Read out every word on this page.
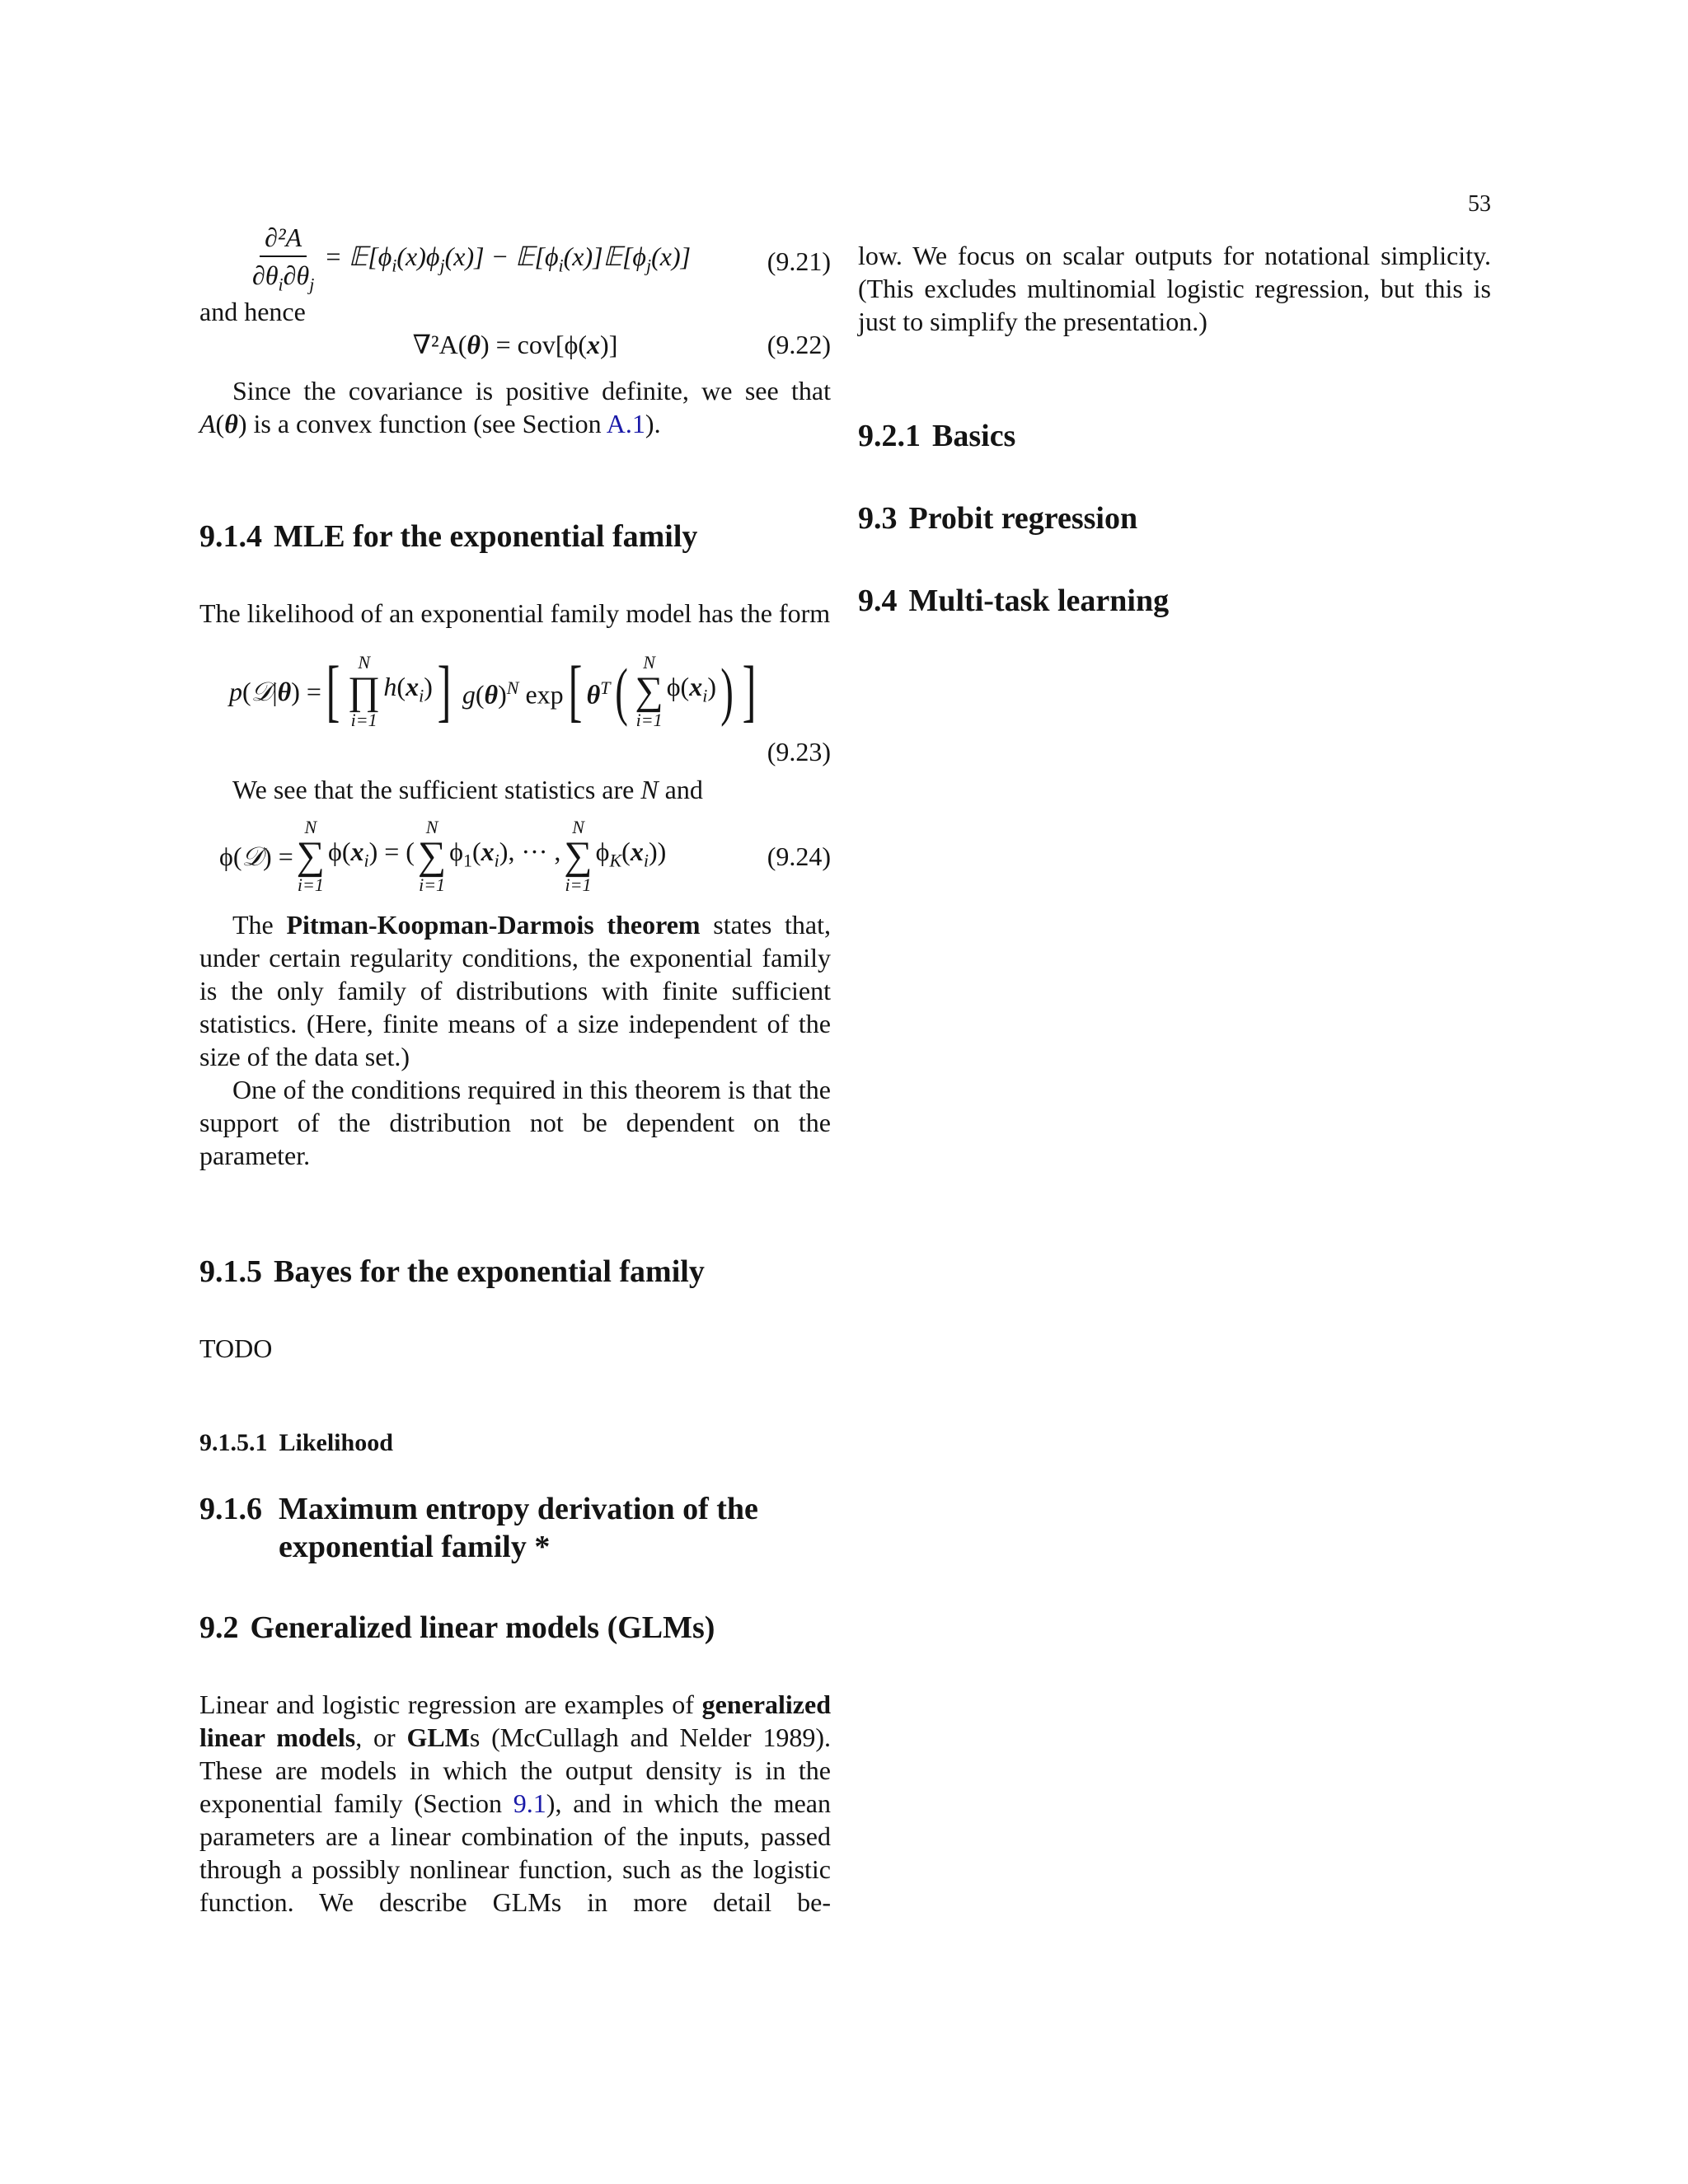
53
$\frac{\text{∂²A}}{\partial\theta_i\partial\theta_j}$ = $𝔼[\phi_i(x)\phi_j(x)]$ − $𝔼[\phi_i(x)]𝔼[\phi_j(x)]$	(9.21)

and hence

∇²A(θ) = cov[ϕ(x)]	(9.22)

Since the covariance is positive definite, we see that A(θ) is a convex function (see Section A.1).

9.1.4 MLE for the exponential family

The likelihood of an exponential family model has the form

p ( 𝒟 | θ ) = [ N
∏
i=1
$h(x_i)$ ] $g(\theta)^N$ exp [ $\theta^T$ ( N
∑
i=1
$\phi(x_i)$ ) ]
(9.23)

We see that the sufficient statistics are N and

ϕ(𝒟) =
N
∑
i=1
$\phi(x_i)$ = (
N
∑
i=1
$\phi_1(x_i)$, ··· ,
N
∑
i=1
$\phi_K(x_i)$)	(9.24)

The Pitman-Koopman-Darmois theorem states that, under certain regularity conditions, the exponential family is the only family of distributions with finite sufficient statistics. (Here, finite means of a size independent of the size of the data set.)

One of the conditions required in this theorem is that the support of the distribution not be dependent on the parameter.

9.1.5 Bayes for the exponential family

TODO

9.1.5.1 Likelihood
9.1.6 Maximum entropy derivation of the exponential family *
9.2 Generalized linear models (GLMs)

Linear and logistic regression are examples of generalized linear models, or GLMs (McCullagh and Nelder 1989). These are models in which the output density is in the exponential family (Section 9.1), and in which the mean parameters are a linear combination of the inputs, passed through a possibly nonlinear function, such as the logistic function. We describe GLMs in more detail be-

low. We focus on scalar outputs for notational simplicity. (This excludes multinomial logistic regression, but this is just to simplify the presentation.)

9.2.1 Basics
9.3 Probit regression
9.4 Multi-task learning
